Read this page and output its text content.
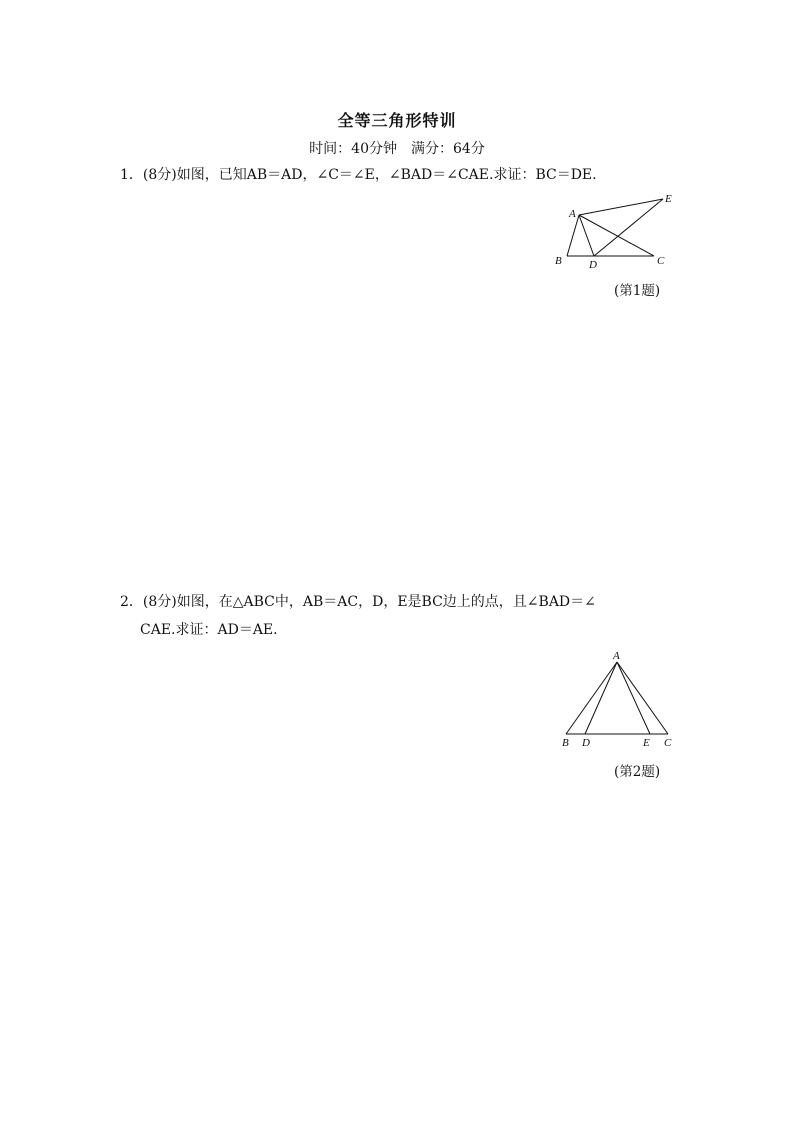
全等三角形特训
时间：40分钟 满分：64分
1．(8分)如图，已知AB＝AD，∠C＝∠E，∠BAD＝∠CAE.求证：BC＝DE.
A
B	C
D
E
(第1题)
2．(8分)如图，在△ABC中，AB＝AC，D，E是BC边上的点，且∠BAD＝∠
CAE.求证：AD＝AE.
A
B D	E C
(第2题)
